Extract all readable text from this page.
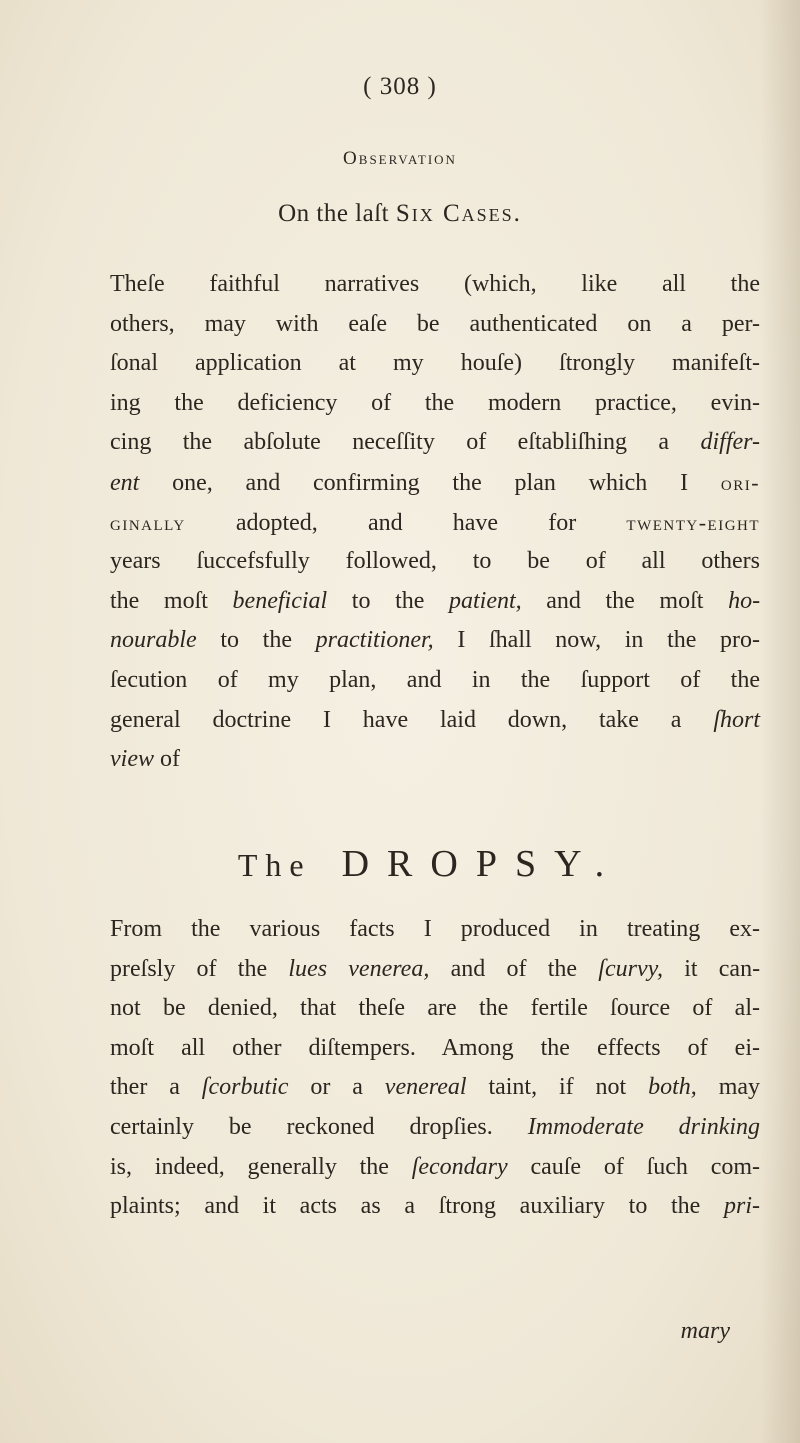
( 308 )
Observation
On the laſt Six Cases.
Theſe faithful narratives (which, like all the
others, may with eaſe be authenticated on a per-
ſonal application at my houſe) ſtrongly manifeſt-
ing the deficiency of the modern practice, evin-
cing the abſolute neceſſity of eſtabliſhing a differ-
ent one, and confirming the plan which I ori-
ginally adopted, and have for twenty-eight
years ſuccefsfully followed, to be of all others
the moſt beneficial to the patient, and the moſt ho-
nourable to the practitioner, I ſhall now, in the pro-
ſecution of my plan, and in the ſupport of the
general doctrine I have laid down, take a ſhort
view of
The DROPSY.
From the various facts I produced in treating ex-
preſsly of the lues venerea, and of the ſcurvy, it can-
not be denied, that theſe are the fertile ſource of al-
moſt all other diſtempers. Among the effects of ei-
ther a ſcorbutic or a venereal taint, if not both, may
certainly be reckoned dropſies. Immoderate drinking
is, indeed, generally the ſecondary cauſe of ſuch com-
plaints; and it acts as a ſtrong auxiliary to the pri-
mary
